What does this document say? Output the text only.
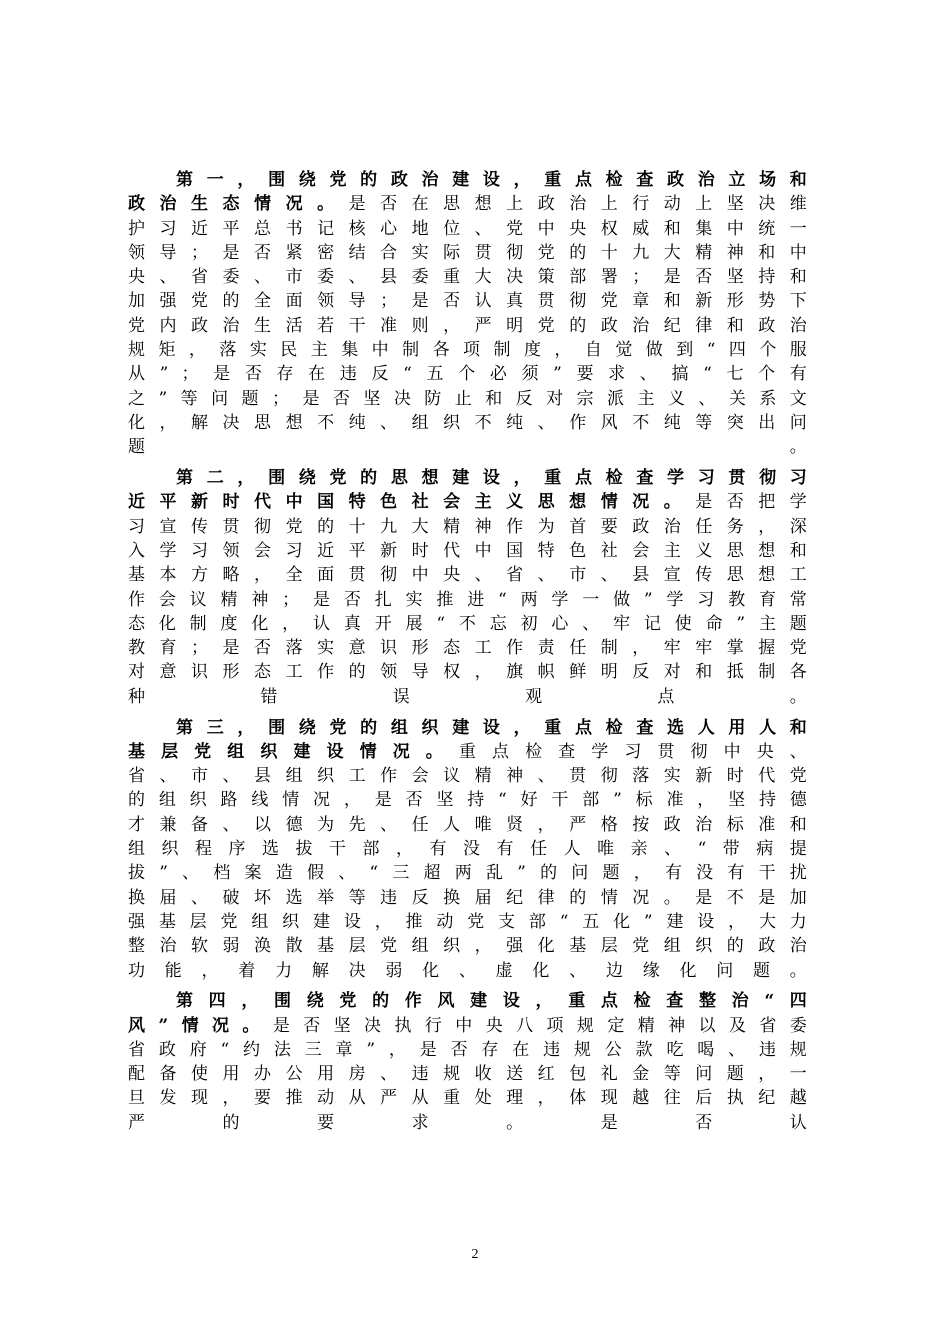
第一，围绕党的政治建设，重点检查政治立场和政治生态情况。是否在思想上政治上行动上坚决维护习近平总书记核心地位、党中央权威和集中统一领导；是否紧密结合实际贯彻党的十九大精神和中央、省委、市委、县委重大决策部署；是否坚持和加强党的全面领导；是否认真贯彻党章和新形势下党内政治生活若干准则，严明党的政治纪律和政治规矩，落实民主集中制各项制度，自觉做到“四个服从”；是否存在违反“五个必须”要求、搞“七个有之”等问题；是否坚决防止和反对宗派主义、关系文化，解决思想不纯、组织不纯、作风不纯等突出问题。

第二，围绕党的思想建设，重点检查学习贯彻习近平新时代中国特色社会主义思想情况。是否把学习宣传贯彻党的十九大精神作为首要政治任务，深入学习领会习近平新时代中国特色社会主义思想和基本方略，全面贯彻中央、省、市、县宣传思想工作会议精神；是否扎实推进“两学一做”学习教育常态化制度化，认真开展“不忘初心、牢记使命”主题教育；是否落实意识形态工作责任制，牢牢掌握党对意识形态工作的领导权，旗帜鲜明反对和抵制各种错误观点。

第三，围绕党的组织建设，重点检查选人用人和基层党组织建设情况。重点检查学习贯彻中央、省、市、县组织工作会议精神、贯彻落实新时代党的组织路线情况，是否坚持“好干部”标准，坚持德才兼备、以德为先、任人唯贤，严格按政治标准和组织程序选拔干部，有没有任人唯亲、“带病提拔”、档案造假、“三超两乱”的问题，有没有干扰换届、破坏选举等违反换届纪律的情况。是不是加强基层党组织建设，推动党支部“五化”建设，大力整治软弱涣散基层党组织，强化基层党组织的政治功能，着力解决弱化、虚化、边缘化问题。

第四，围绕党的作风建设，重点检查整治“四风”情况。是否坚决执行中央八项规定精神以及省委省政府“约法三章”，是否存在违规公款吃喝、违规配备使用办公用房、违规收送红包礼金等问题，一旦发现，要推动从严从重处理，体现越往后执纪越严的要求。是否认

2
